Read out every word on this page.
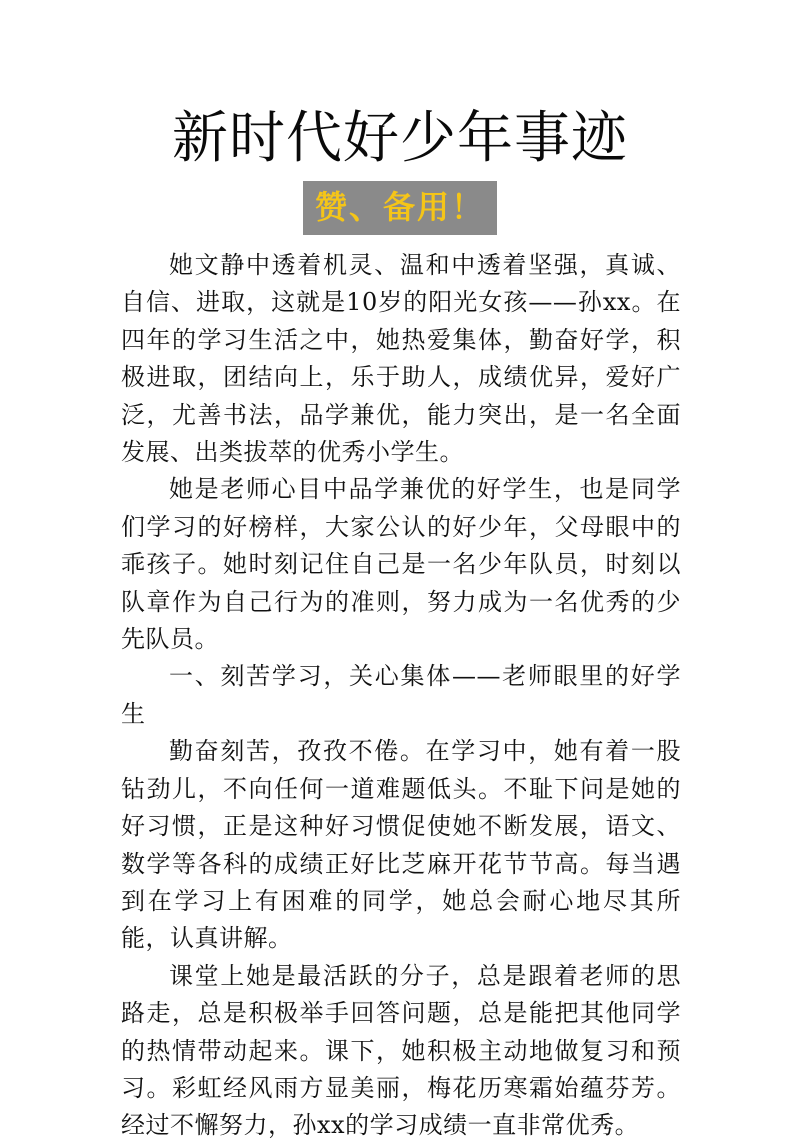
新时代好少年事迹
赞、备用！

她文静中透着机灵、温和中透着坚强，真诚、自信、进取，这就是10岁的阳光女孩——孙xx。在四年的学习生活之中，她热爱集体，勤奋好学，积极进取，团结向上，乐于助人，成绩优异，爱好广泛，尤善书法，品学兼优，能力突出，是一名全面发展、出类拔萃的优秀小学生。

她是老师心目中品学兼优的好学生，也是同学们学习的好榜样，大家公认的好少年，父母眼中的乖孩子。她时刻记住自己是一名少年队员，时刻以队章作为自己行为的准则，努力成为一名优秀的少先队员。

一、刻苦学习，关心集体——老师眼里的好学生

勤奋刻苦，孜孜不倦。在学习中，她有着一股钻劲儿，不向任何一道难题低头。不耻下问是她的好习惯，正是这种好习惯促使她不断发展，语文、数学等各科的成绩正好比芝麻开花节节高。每当遇到在学习上有困难的同学，她总会耐心地尽其所能，认真讲解。

课堂上她是最活跃的分子，总是跟着老师的思路走，总是积极举手回答问题，总是能把其他同学的热情带动起来。课下，她积极主动地做复习和预习。彩虹经风雨方显美丽，梅花历寒霜始蕴芬芳。经过不懈努力，孙xx的学习成绩一直非常优秀。
